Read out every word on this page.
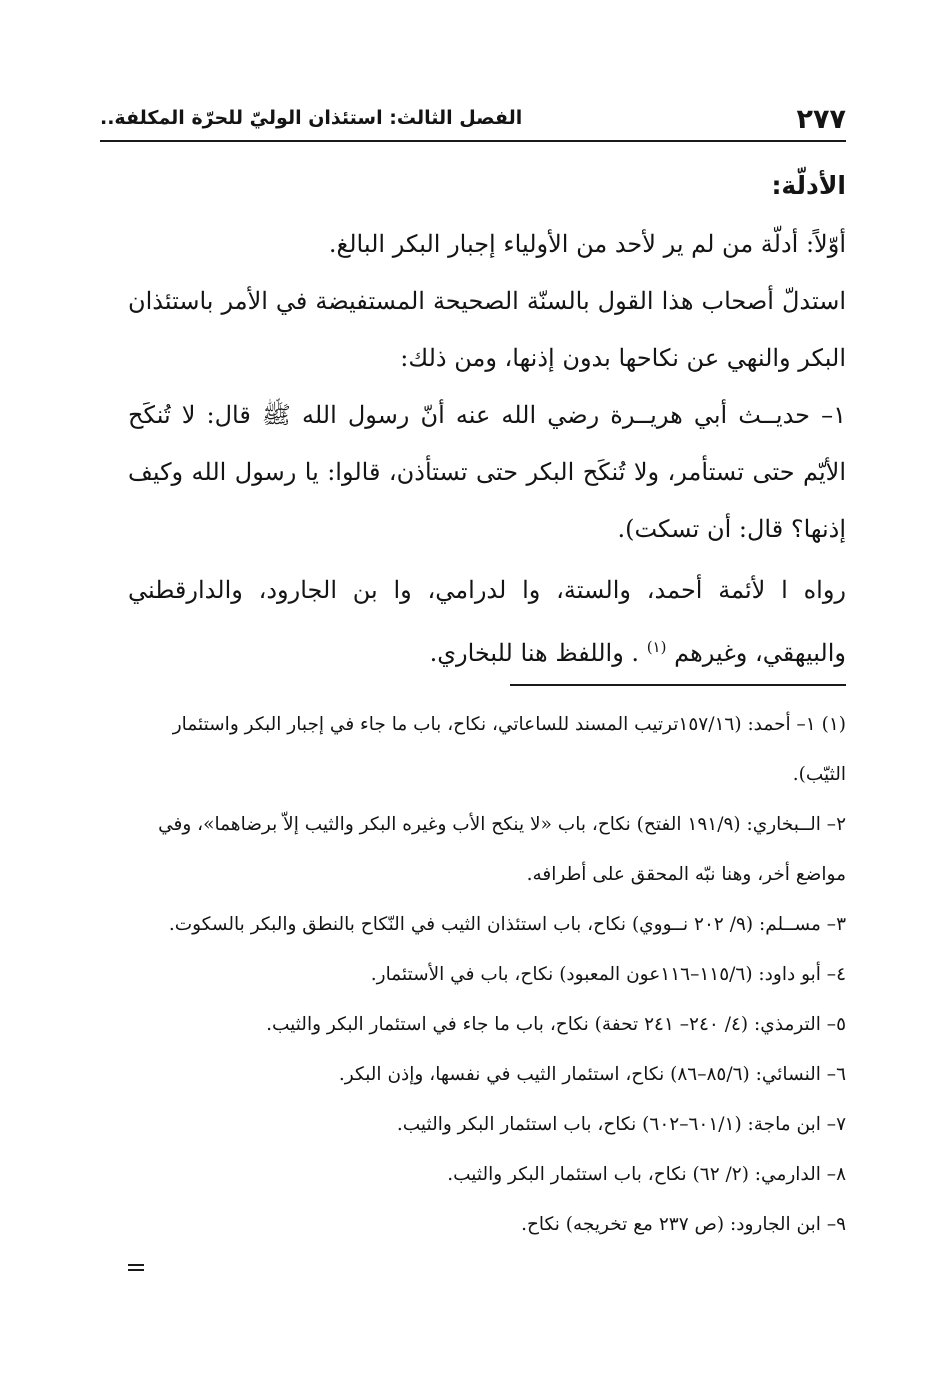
٢٧٧
الفصل الثالث: استئذان الوليّ للحرّة المكلفة..
الأدلّة:

أوّلاً: أدلّة من لم ير لأحد من الأولياء إجبار البكر البالغ.

استدلّ أصحاب هذا القول بالسنّة الصحيحة المستفيضة في الأمر باستئذان البكر والنهي عن نكاحها بدون إذنها، ومن ذلك:

١– حديــث أبي هريــرة رضي الله عنه أنّ رسول الله ﷺ قال: لا تُنكَح الأيّم حتى تستأمر، ولا تُنكَح البكر حتى تستأذن، قالوا: يا رسول الله وكيف إذنها؟ قال: أن تسكت).

رواه ا لأئمة أحمد، والستة، وا لدرامي، وا بن الجارود، والدارقطني والبيهقي، وغيرهم $^{(١)}$ . واللفظ هنا للبخاري.

(١) ١– أحمد: (١٥٧/١٦ترتيب المسند للساعاتي، نكاح، باب ما جاء في إجبار البكر واستئمار الثيّب).

٢– الــبخاري: (١٩١/٩ الفتح) نكاح، باب «لا ينكح الأب وغيره البكر والثيب إلاّ برضاهما»، وفي مواضع أخر، وهنا نبّه المحقق على أطرافه.

٣– مســلم: (٩/ ٢٠٢ نــووي) نكاح، باب استئذان الثيب في النّكاح بالنطق والبكر بالسكوت.

٤– أبو داود: (١١٥/٦–١١٦عون المعبود) نكاح، باب في الأستئمار.

٥– الترمذي: (٤/ ٢٤٠– ٢٤١ تحفة) نكاح، باب ما جاء في استئمار البكر والثيب.

٦– النسائي: (٨٥/٦–٨٦) نكاح، استئمار الثيب في نفسها، وإذن البكر.

٧– ابن ماجة: (٦٠١/١–٦٠٢) نكاح، باب استئمار البكر والثيب.

٨– الدارمي: (٢/ ٦٢) نكاح، باب استئمار البكر والثيب.

٩– ابن الجارود: (ص ٢٣٧ مع تخريجه) نكاح.
